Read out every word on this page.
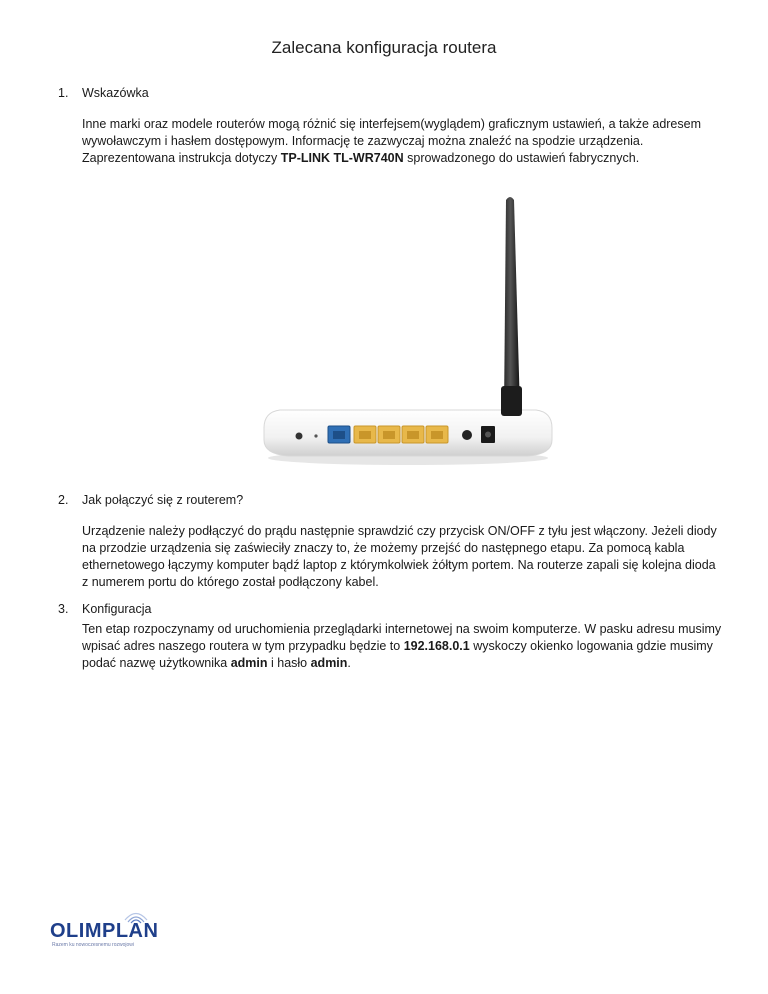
Zalecana konfiguracja routera
1. Wskazówka
Inne marki oraz modele routerów mogą różnić się interfejsem(wyglądem) graficznym ustawień, a także adresem wywoławczym i hasłem dostępowym. Informację te zazwyczaj można znaleźć na spodzie urządzenia. Zaprezentowana instrukcja dotyczy TP-LINK TL-WR740N sprowadzonego do ustawień fabrycznych.
2. Jak połączyć się z routerem?
Urządzenie należy podłączyć do prądu następnie sprawdzić czy przycisk ON/OFF z tyłu jest włączony. Jeżeli diody na przodzie urządzenia się zaświeciły znaczy to, że możemy przejść do następnego etapu. Za pomocą kabla ethernetowego łączymy komputer bądź laptop z którymkolwiek żółtym portem. Na routerze zapali się kolejna dioda z numerem portu do którego został podłączony kabel.
3. Konfiguracja
Ten etap rozpoczynamy od uruchomienia przeglądarki internetowej na swoim komputerze. W pasku adresu musimy wpisać adres naszego routera w tym przypadku będzie to 192.168.0.1 wyskoczy okienko logowania gdzie musimy podać nazwę użytkownika admin i hasło admin.
OLIMPLAN
Razem ku nowoczesnemu rozwojowi
